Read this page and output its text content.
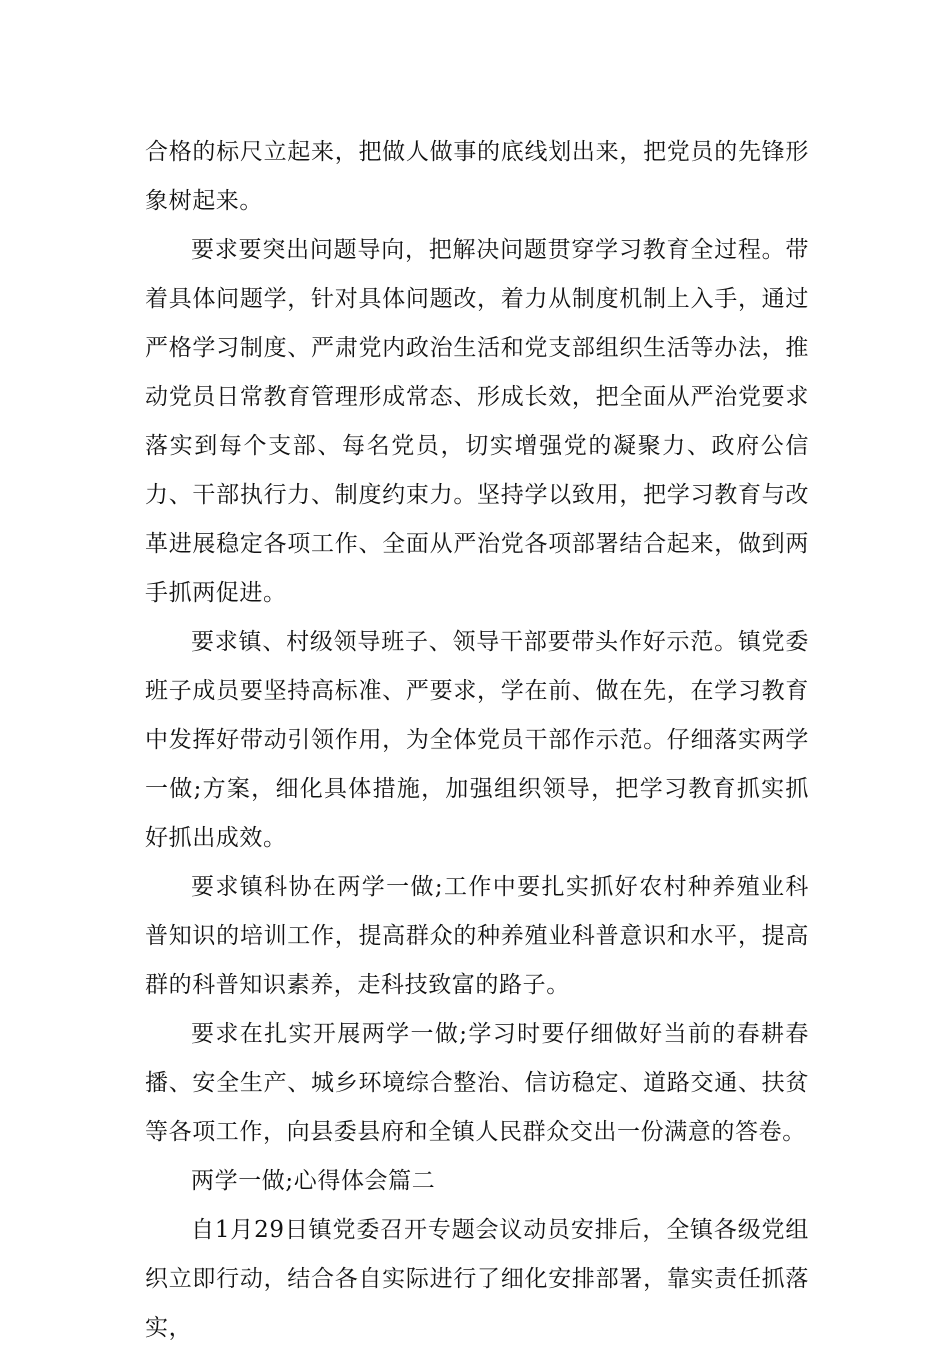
合格的标尺立起来，把做人做事的底线划出来，把党员的先锋形象树起来。

要求要突出问题导向，把解决问题贯穿学习教育全过程。带着具体问题学，针对具体问题改，着力从制度机制上入手，通过严格学习制度、严肃党内政治生活和党支部组织生活等办法，推动党员日常教育管理形成常态、形成长效，把全面从严治党要求落实到每个支部、每名党员，切实增强党的凝聚力、政府公信力、干部执行力、制度约束力。坚持学以致用，把学习教育与改革进展稳定各项工作、全面从严治党各项部署结合起来，做到两手抓两促进。

要求镇、村级领导班子、领导干部要带头作好示范。镇党委班子成员要坚持高标准、严要求，学在前、做在先，在学习教育中发挥好带动引领作用，为全体党员干部作示范。仔细落实两学一做;方案，细化具体措施，加强组织领导，把学习教育抓实抓好抓出成效。

要求镇科协在两学一做;工作中要扎实抓好农村种养殖业科普知识的培训工作，提高群众的种养殖业科普意识和水平，提高群的科普知识素养，走科技致富的路子。

要求在扎实开展两学一做;学习时要仔细做好当前的春耕春播、安全生产、城乡环境综合整治、信访稳定、道路交通、扶贫等各项工作，向县委县府和全镇人民群众交出一份满意的答卷。

两学一做;心得体会篇二

自1月29日镇党委召开专题会议动员安排后，全镇各级党组织立即行动，结合各自实际进行了细化安排部署，靠实责任抓落实，
